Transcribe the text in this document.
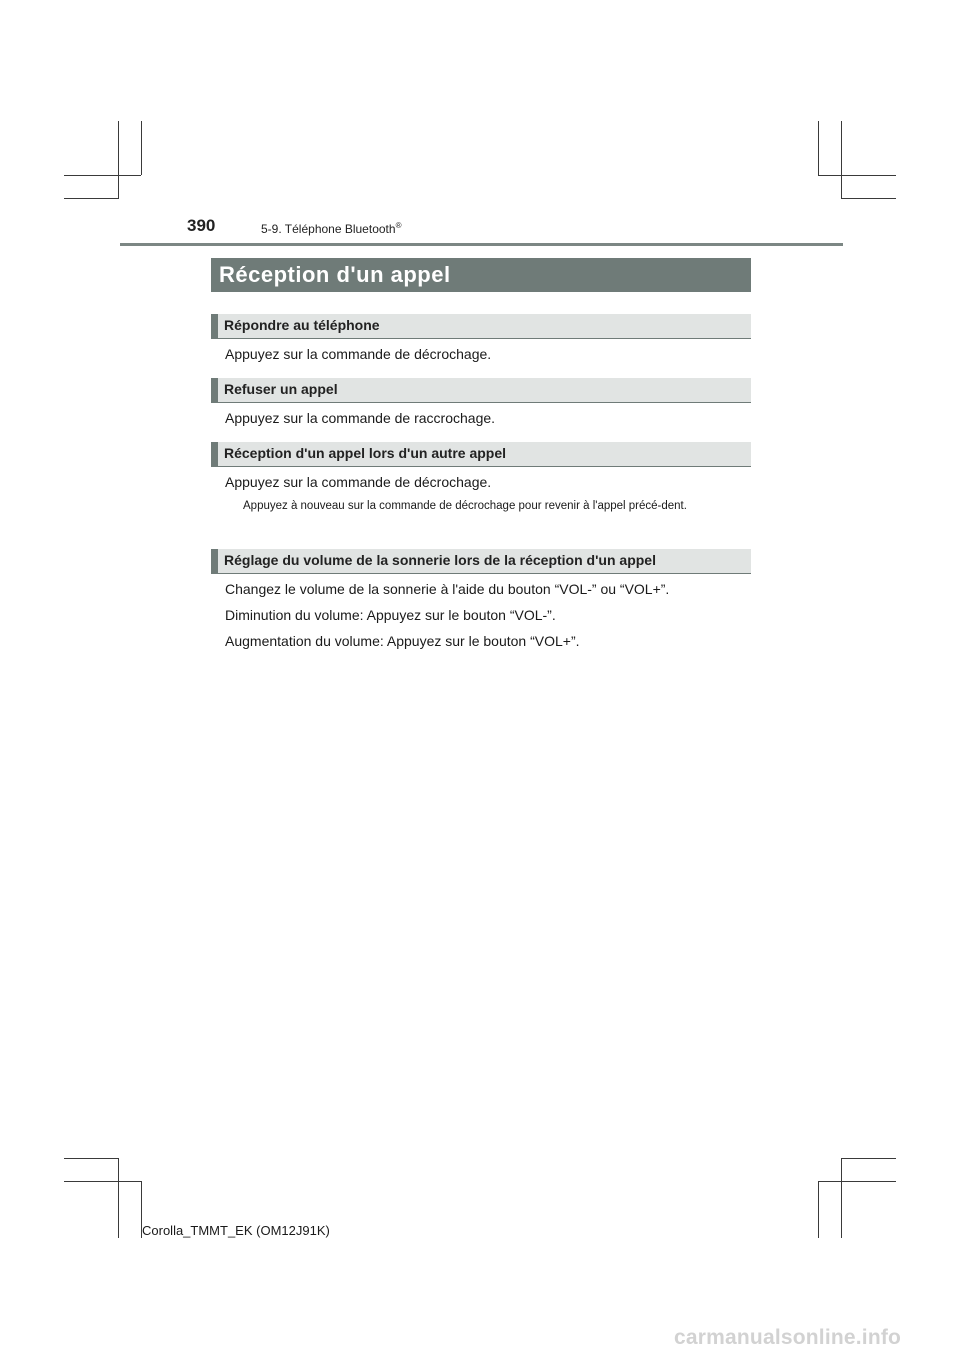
390	5-9. Téléphone Bluetooth®
Réception d'un appel
Répondre au téléphone
Appuyez sur la commande de décrochage.
Refuser un appel
Appuyez sur la commande de raccrochage.
Réception d'un appel lors d'un autre appel
Appuyez sur la commande de décrochage.
Appuyez à nouveau sur la commande de décrochage pour revenir à l'appel précé-dent.
Réglage du volume de la sonnerie lors de la réception d'un appel
Changez le volume de la sonnerie à l'aide du bouton “VOL-” ou “VOL+”.
Diminution du volume: Appuyez sur le bouton “VOL-”.
Augmentation du volume: Appuyez sur le bouton “VOL+”.
Corolla_TMMT_EK (OM12J91K)
carmanualsonline.info
